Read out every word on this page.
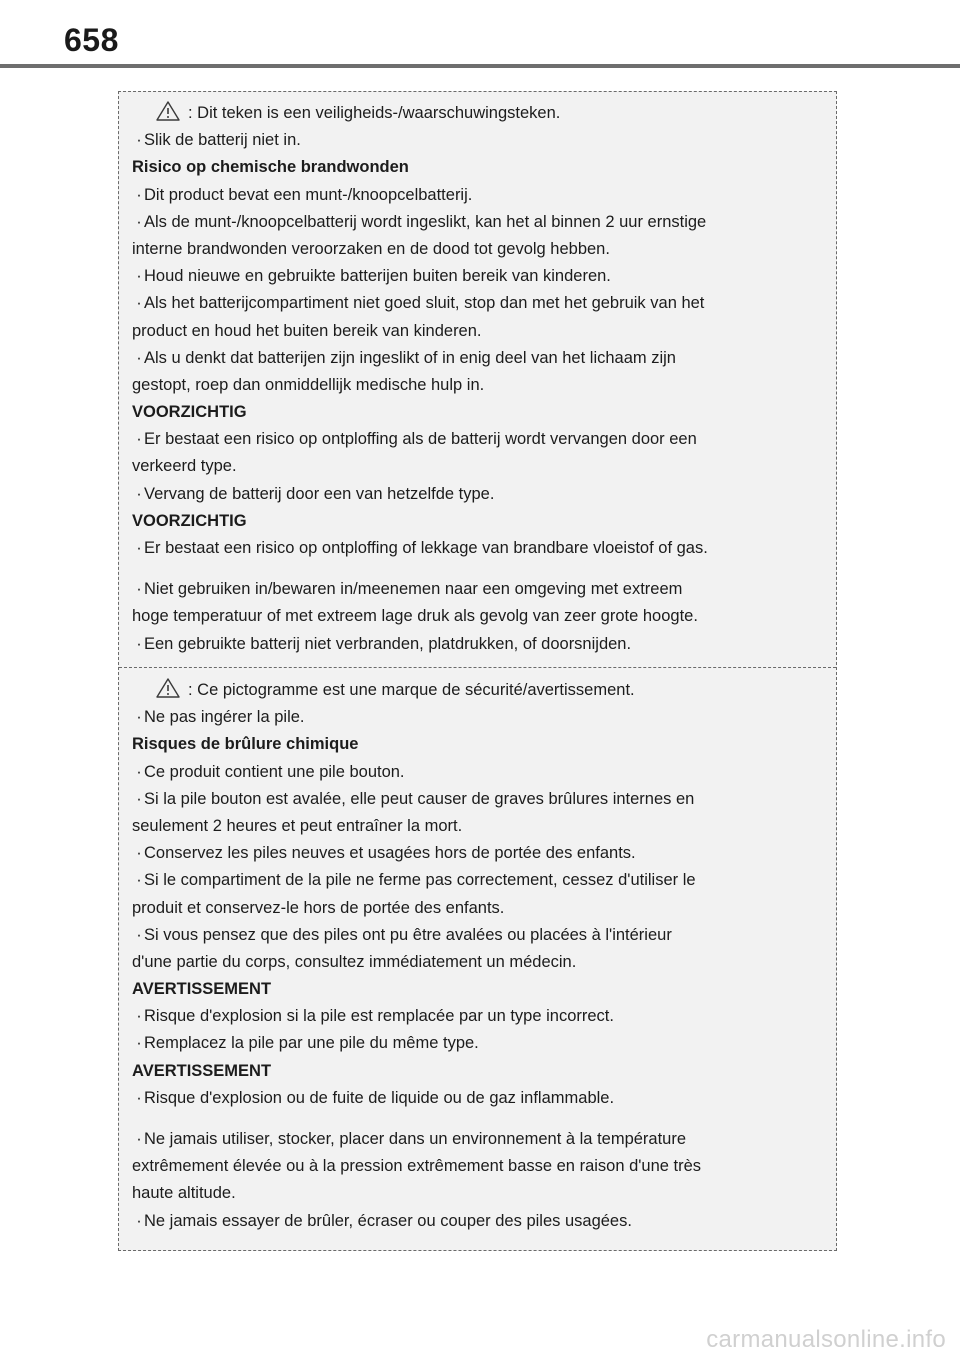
658
: Dit teken is een veiligheids-/waarschuwingsteken.
· Slik de batterij niet in.
Risico op chemische brandwonden
· Dit product bevat een munt-/knoopcelbatterij.
· Als de munt-/knoopcelbatterij wordt ingeslikt, kan het al binnen 2 uur ernstige
interne brandwonden veroorzaken en de dood tot gevolg hebben.
· Houd nieuwe en gebruikte batterijen buiten bereik van kinderen.
· Als het batterijcompartiment niet goed sluit, stop dan met het gebruik van het
product en houd het buiten bereik van kinderen.
· Als u denkt dat batterijen zijn ingeslikt of in enig deel van het lichaam zijn
gestopt, roep dan onmiddellijk medische hulp in.
VOORZICHTIG
· Er bestaat een risico op ontploffing als de batterij wordt vervangen door een
verkeerd type.
· Vervang de batterij door een van hetzelfde type.
VOORZICHTIG
· Er bestaat een risico op ontploffing of lekkage van brandbare vloeistof of gas.
· Niet gebruiken in/bewaren in/meenemen naar een omgeving met extreem
hoge temperatuur of met extreem lage druk als gevolg van zeer grote hoogte.
· Een gebruikte batterij niet verbranden, platdrukken, of doorsnijden.
: Ce pictogramme est une marque de sécurité/avertissement.
· Ne pas ingérer la pile.
Risques de brûlure chimique
· Ce produit contient une pile bouton.
· Si la pile bouton est avalée, elle peut causer de graves brûlures internes en
seulement 2 heures et peut entraîner la mort.
· Conservez les piles neuves et usagées hors de portée des enfants.
· Si le compartiment de la pile ne ferme pas correctement, cessez d'utiliser le
produit et conservez-le hors de portée des enfants.
· Si vous pensez que des piles ont pu être avalées ou placées à l'intérieur
d'une partie du corps, consultez immédiatement un médecin.
AVERTISSEMENT
· Risque d'explosion si la pile est remplacée par un type incorrect.
· Remplacez la pile par une pile du même type.
AVERTISSEMENT
· Risque d'explosion ou de fuite de liquide ou de gaz inflammable.
· Ne jamais utiliser, stocker, placer dans un environnement à la température
extrêmement élevée ou à la pression extrêmement basse en raison d'une très
haute altitude.
· Ne jamais essayer de brûler, écraser ou couper des piles usagées.
carmanualsonline.info
